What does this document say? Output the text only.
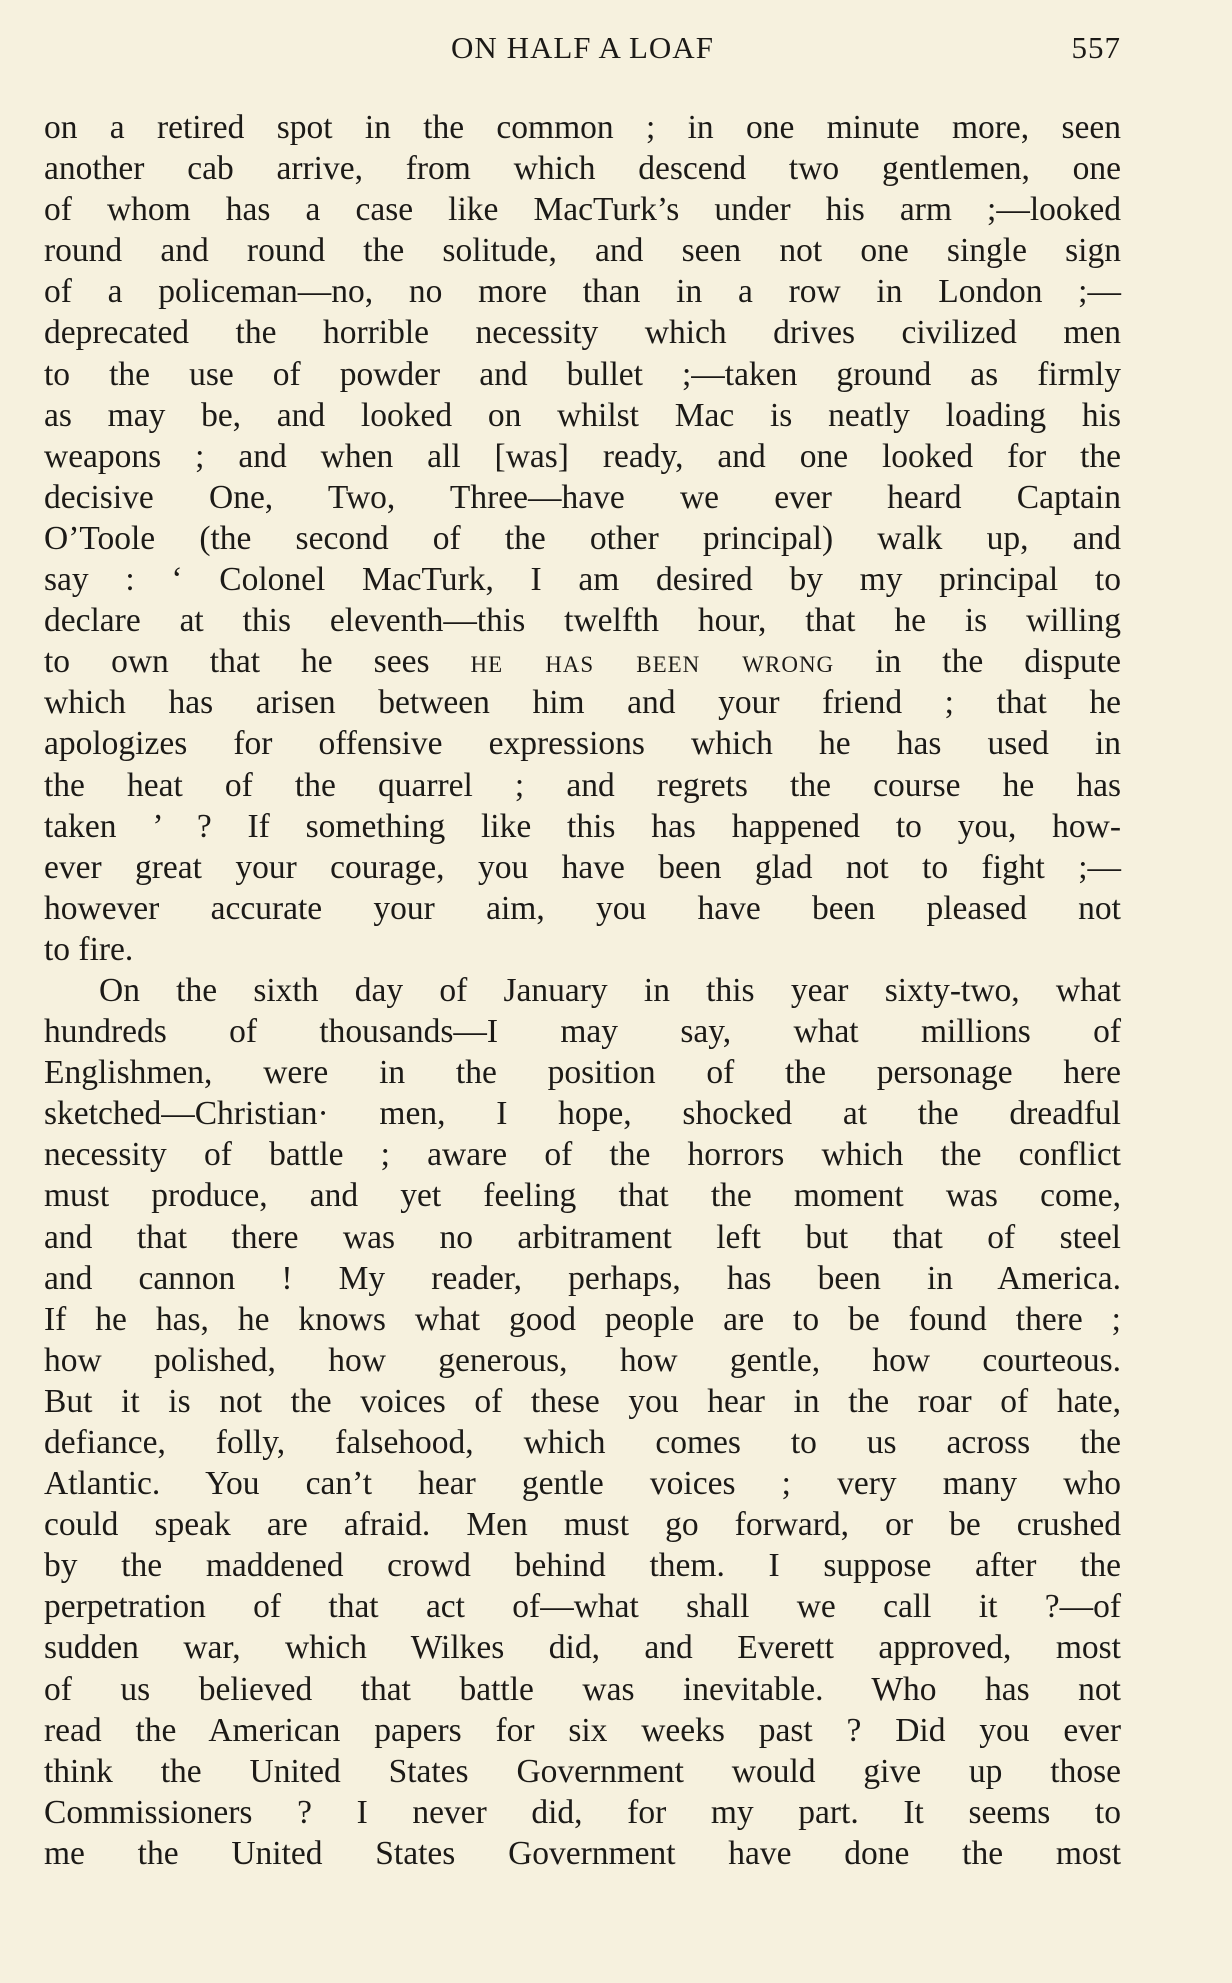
ON HALF A LOAF	557
on a retired spot in the common ; in one minute more, seen
another cab arrive, from which descend two gentlemen, one
of whom has a case like MacTurk’s under his arm ;—looked
round and round the solitude, and seen not one single sign
of a policeman—no, no more than in a row in London ;—
deprecated the horrible necessity which drives civilized men
to the use of powder and bullet ;—taken ground as firmly
as may be, and looked on whilst Mac is neatly loading his
weapons ; and when all [was] ready, and one looked for the
decisive One, Two, Three—have we ever heard Captain
O’Toole (the second of the other principal) walk up, and
say : ‘ Colonel MacTurk, I am desired by my principal to
declare at this eleventh—this twelfth hour, that he is willing
to own that he sees he has been wrong in the dispute
which has arisen between him and your friend ; that he
apologizes for offensive expressions which he has used in
the heat of the quarrel ; and regrets the course he has
taken ’ ? If something like this has happened to you, how-
ever great your courage, you have been glad not to fight ;—
however accurate your aim, you have been pleased not
to fire.
On the sixth day of January in this year sixty-two, what
hundreds of thousands—I may say, what millions of
Englishmen, were in the position of the personage here
sketched—Christian· men, I hope, shocked at the dreadful
necessity of battle ; aware of the horrors which the conflict
must produce, and yet feeling that the moment was come,
and that there was no arbitrament left but that of steel
and cannon ! My reader, perhaps, has been in America.
If he has, he knows what good people are to be found there ;
how polished, how generous, how gentle, how courteous.
But it is not the voices of these you hear in the roar of hate,
defiance, folly, falsehood, which comes to us across the
Atlantic. You can’t hear gentle voices ; very many who
could speak are afraid. Men must go forward, or be crushed
by the maddened crowd behind them. I suppose after the
perpetration of that act of—what shall we call it ?—of
sudden war, which Wilkes did, and Everett approved, most
of us believed that battle was inevitable. Who has not
read the American papers for six weeks past ? Did you ever
think the United States Government would give up those
Commissioners ? I never did, for my part. It seems to
me the United States Government have done the most
